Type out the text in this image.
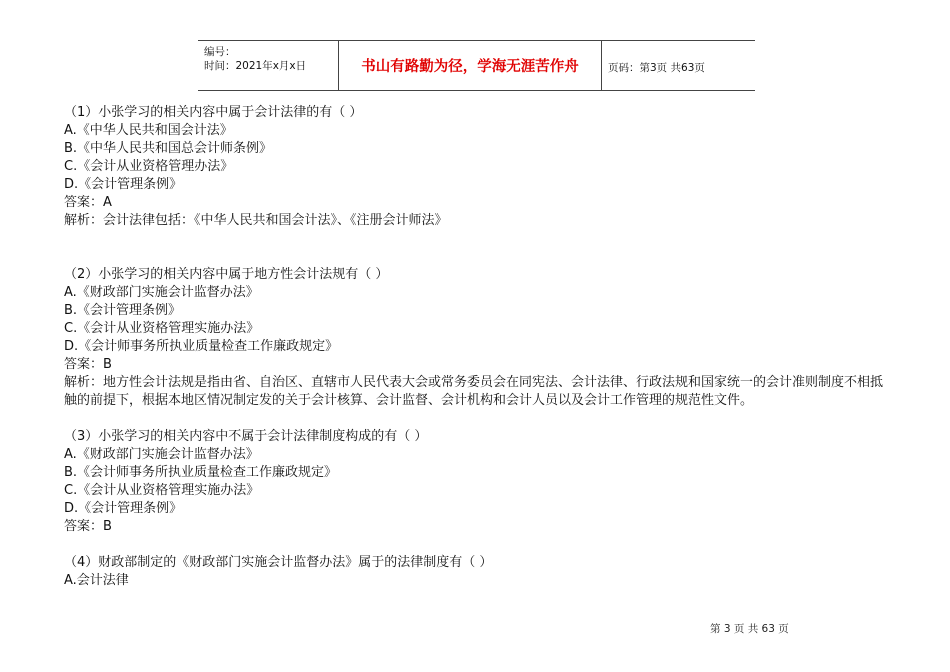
编号：
时间：2021年x月x日	书山有路勤为径，学海无涯苦作舟	页码：第3页 共63页

（1）小张学习的相关内容中属于会计法律的有（ ）

A.《中华人民共和国会计法》

B.《中华人民共和国总会计师条例》

C.《会计从业资格管理办法》

D.《会计管理条例》

答案：A

解析：会计法律包括：《中华人民共和国会计法》、《注册会计师法》

（2）小张学习的相关内容中属于地方性会计法规有（ ）

A.《财政部门实施会计监督办法》

B.《会计管理条例》

C.《会计从业资格管理实施办法》

D.《会计师事务所执业质量检查工作廉政规定》

答案：B

解析：地方性会计法规是指由省、自治区、直辖市人民代表大会或常务委员会在同宪法、会计法律、行政法规和国家统一的会计准则制度不相抵触的前提下，根据本地区情况制定发的关于会计核算、会计监督、会计机构和会计人员以及会计工作管理的规范性文件。

（3）小张学习的相关内容中不属于会计法律制度构成的有（ ）

A.《财政部门实施会计监督办法》

B.《会计师事务所执业质量检查工作廉政规定》

C.《会计从业资格管理实施办法》

D.《会计管理条例》

答案：B

（4）财政部制定的《财政部门实施会计监督办法》属于的法律制度有（ ）

A.会计法律

第 3 页 共 63 页
